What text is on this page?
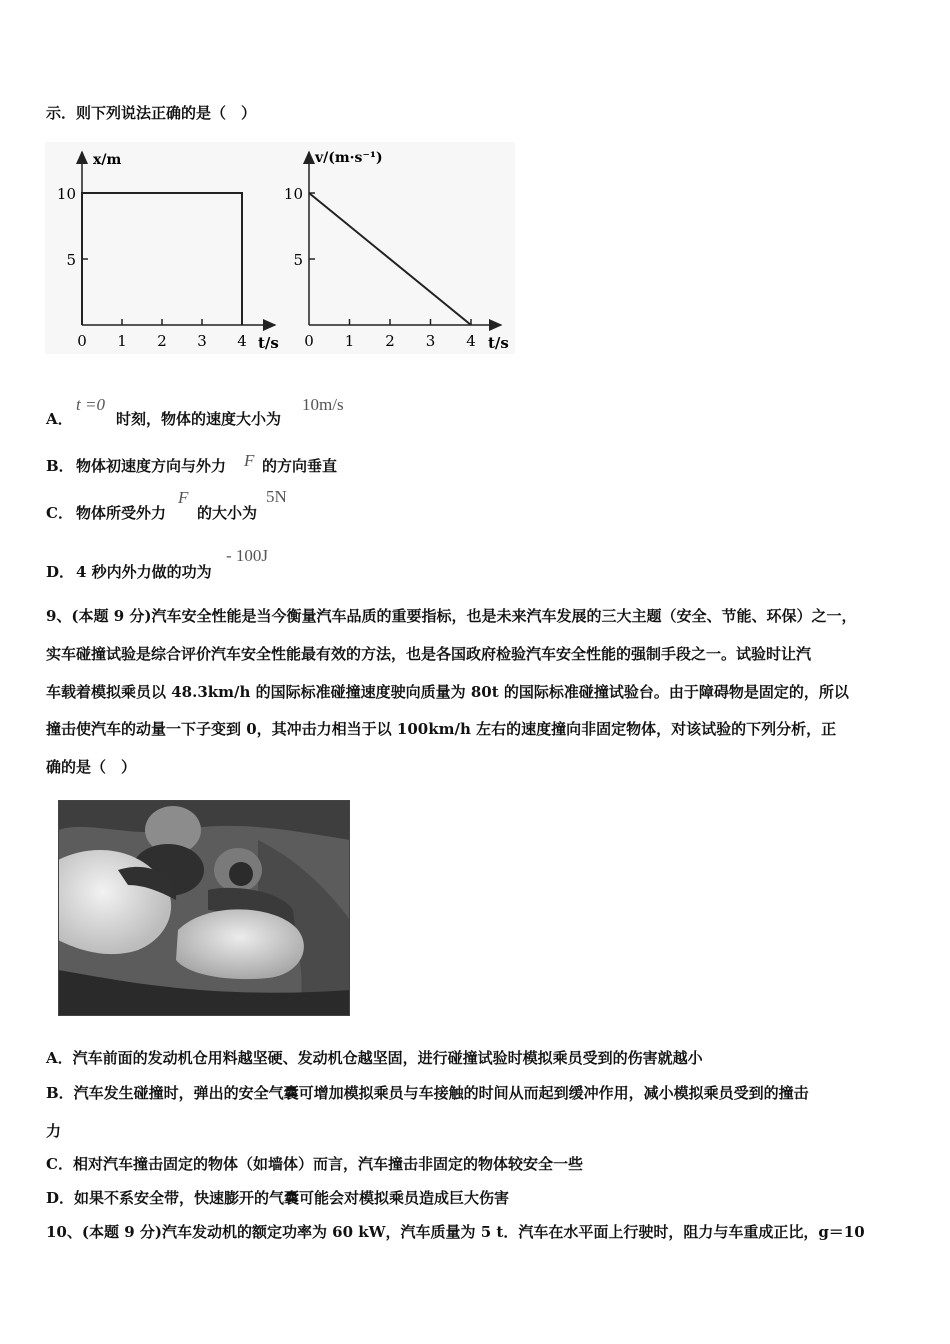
示．则下列说法正确的是（　）
10
5
0 1 2 3 4
x/m
t/s
10
5
0 1 2 3 4
v/(m·s⁻¹)
t/s
A．
t =0
时刻，物体的速度大小为
10m/s
B． 物体初速度方向与外力 F 的方向垂直
C． 物体所受外力
F
的大小为
5N
D． 4 秒内外力做的功为
- 100J
9、(本题 9 分)汽车安全性能是当今衡量汽车品质的重要指标，也是未来汽车发展的三大主题（安全、节能、环保）之一，
实车碰撞试验是综合评价汽车安全性能最有效的方法，也是各国政府检验汽车安全性能的强制手段之一。试验时让汽
车载着模拟乘员以 48.3km/h 的国际标准碰撞速度驶向质量为 80t 的国际标准碰撞试验台。由于障碍物是固定的，所以
撞击使汽车的动量一下子变到 0，其冲击力相当于以 100km/h 左右的速度撞向非固定物体，对该试验的下列分析，正
确的是（　）
A．汽车前面的发动机仓用料越坚硬、发动机仓越坚固，进行碰撞试验时模拟乘员受到的伤害就越小
B．汽车发生碰撞时，弹出的安全气囊可增加模拟乘员与车接触的时间从而起到缓冲作用，减小模拟乘员受到的撞击
力
C．相对汽车撞击固定的物体（如墙体）而言，汽车撞击非固定的物体较安全一些
D．如果不系安全带，快速膨开的气囊可能会对模拟乘员造成巨大伤害
10、(本题 9 分)汽车发动机的额定功率为 60 kW，汽车质量为 5 t．汽车在水平面上行驶时，阻力与车重成正比，g＝10
